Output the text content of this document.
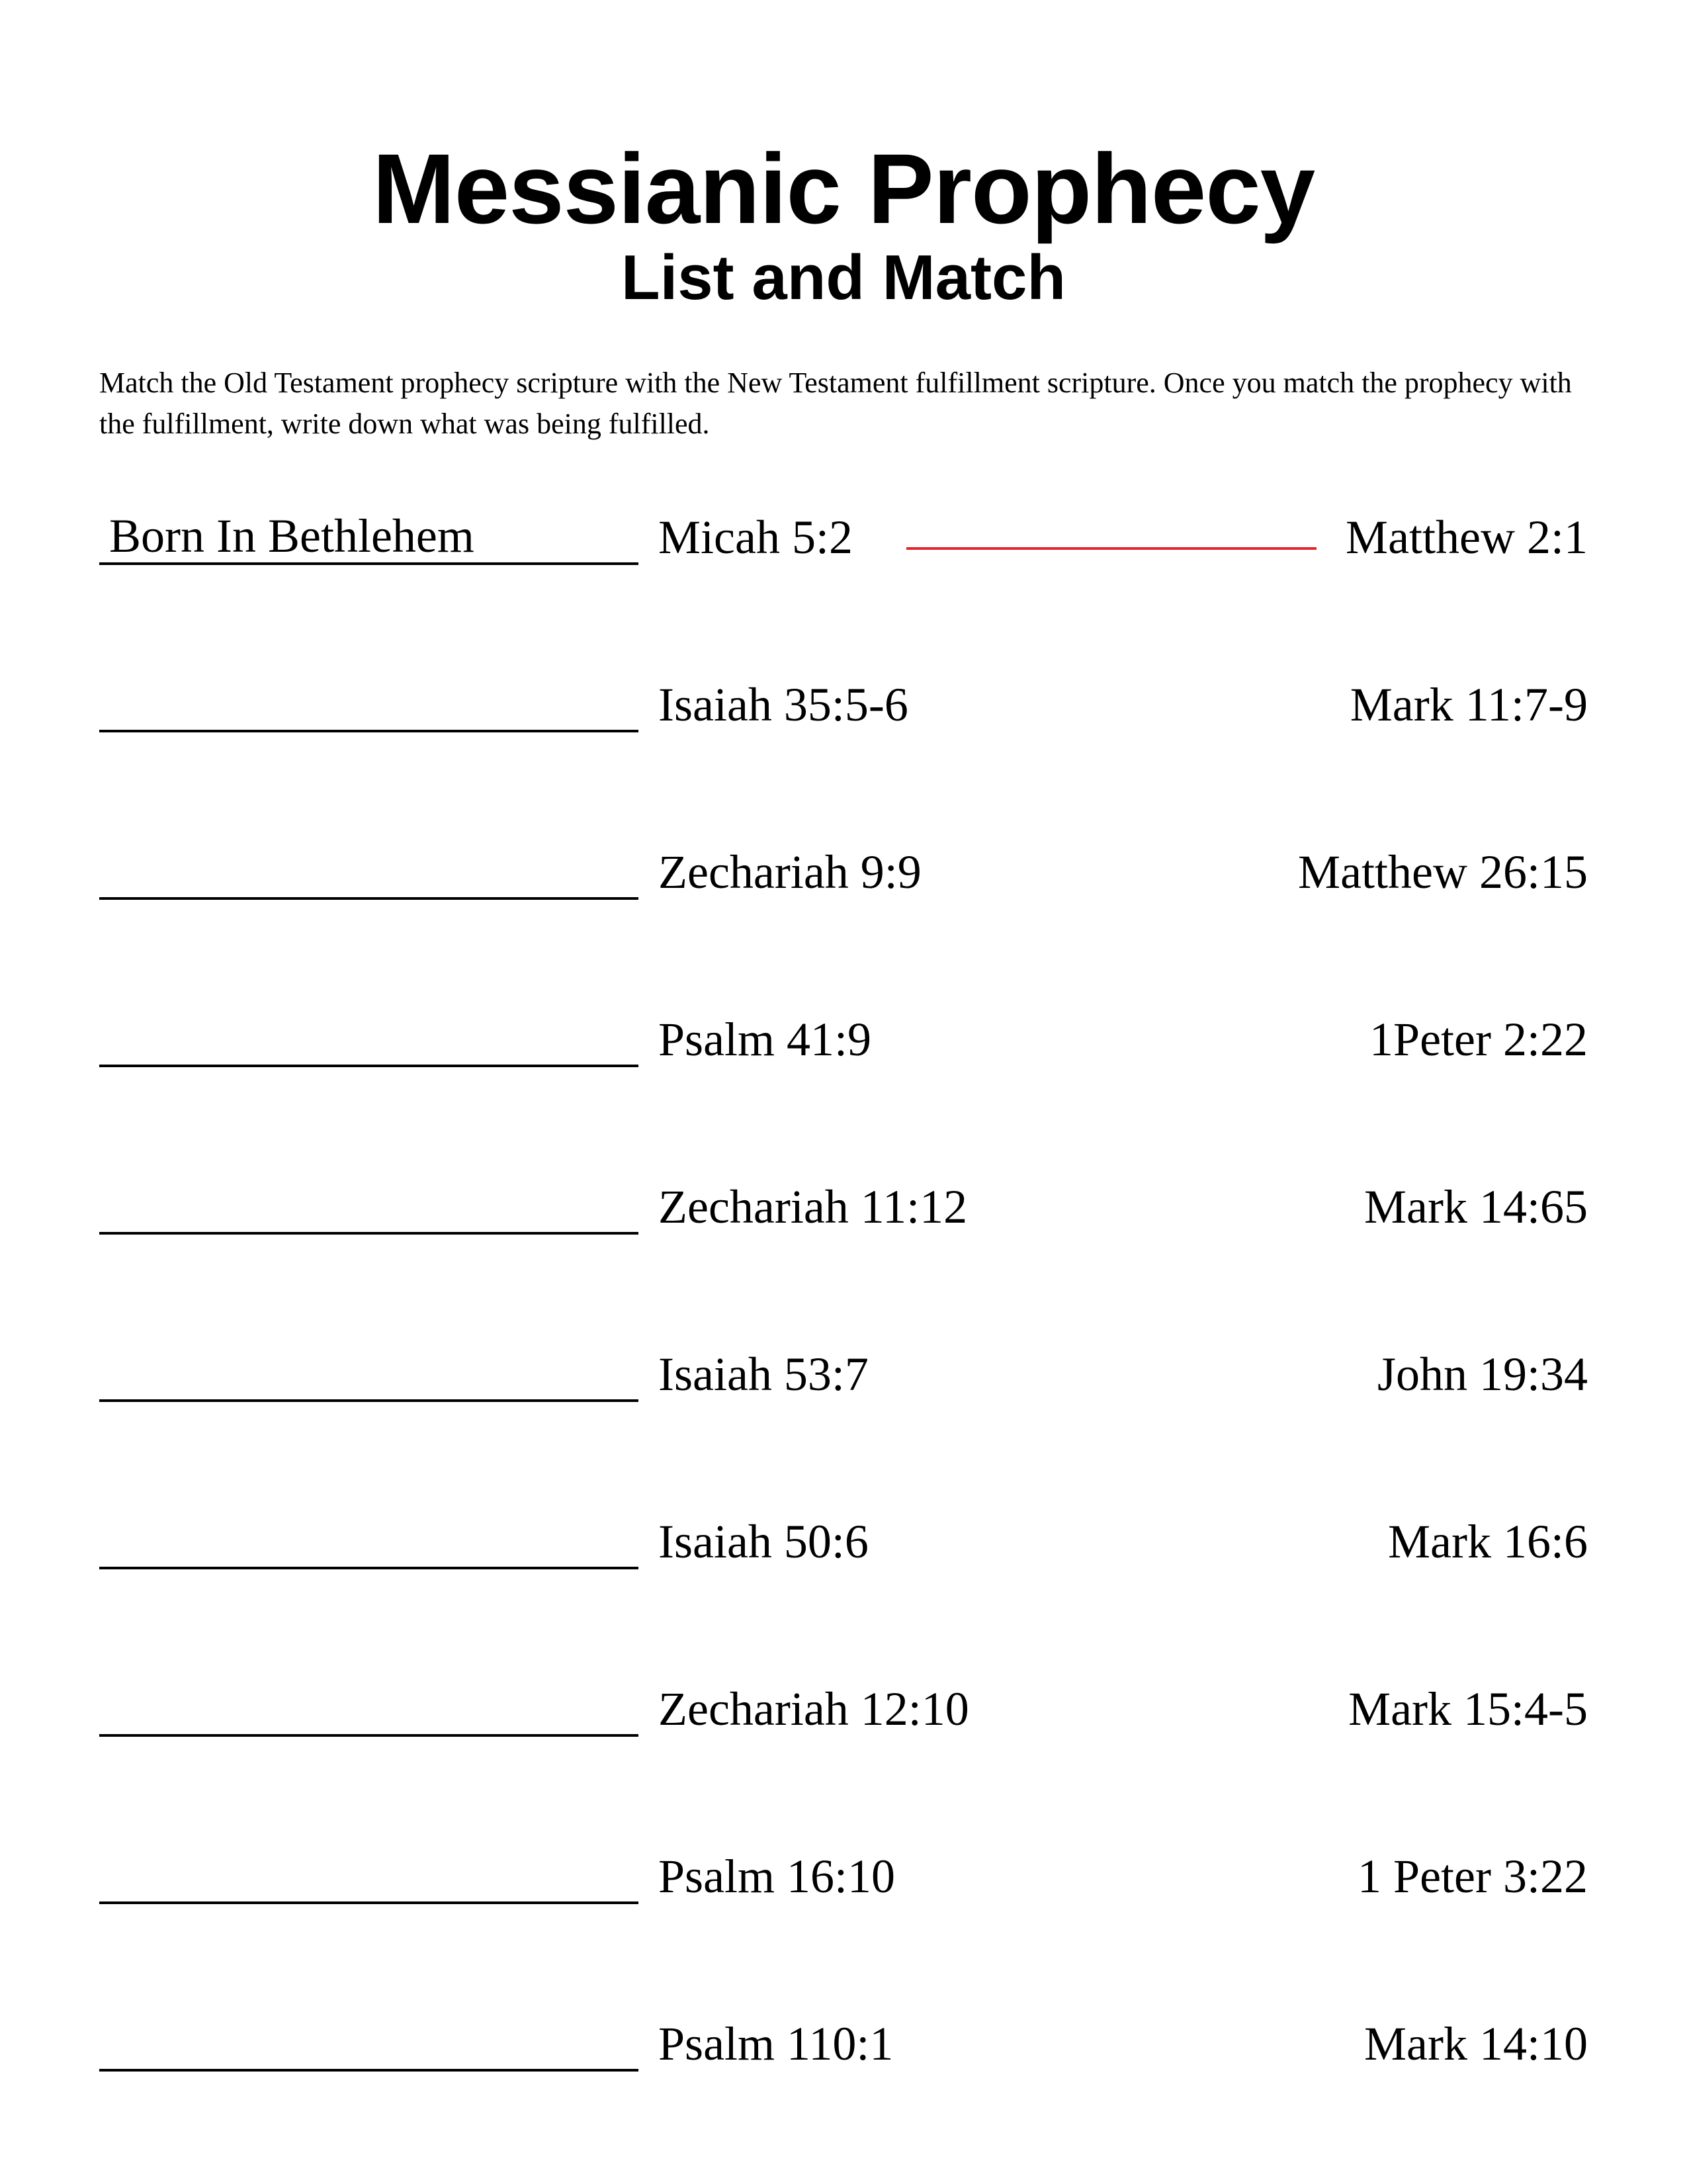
Messianic Prophecy
List and Match

Match the Old Testament prophecy scripture with the New Testament fulfillment scripture. Once you match the prophecy with the fulfillment, write down what was being fulfilled.

Born In Bethlehem	Micah 5:2	Matthew 2:1
Isaiah 35:5-6	Mark 11:7-9
Zechariah 9:9	Matthew 26:15
Psalm 41:9	1Peter 2:22
Zechariah 11:12	Mark 14:65
Isaiah 53:7	John 19:34
Isaiah 50:6	Mark 16:6
Zechariah 12:10	Mark 15:4-5
Psalm 16:10	1 Peter 3:22
Psalm 110:1	Mark 14:10
